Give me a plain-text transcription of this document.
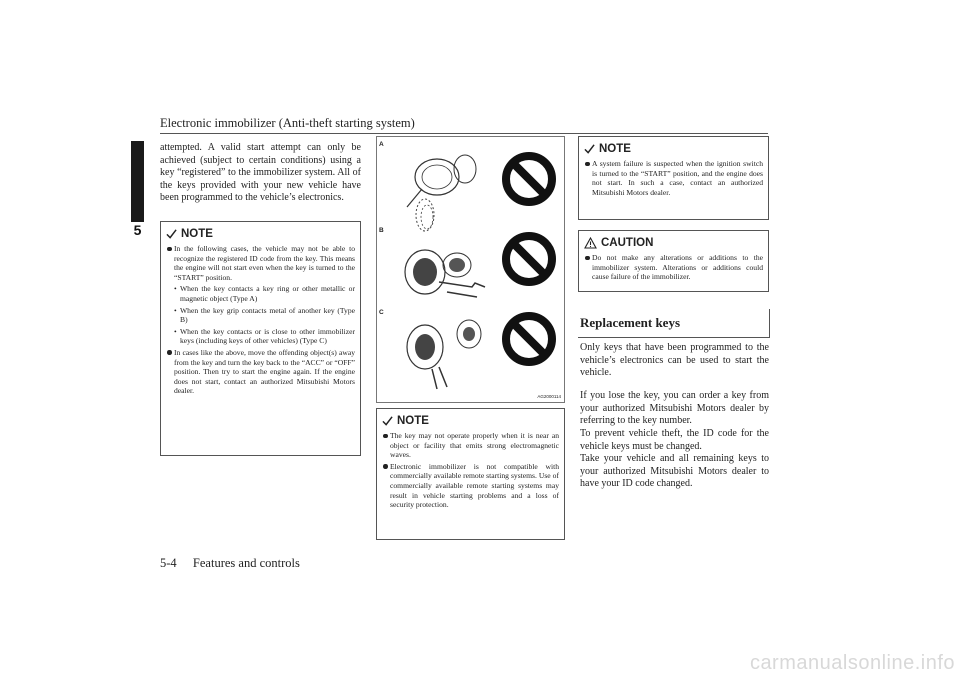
Electronic immobilizer (Anti-theft starting system)
5

attempted. A valid start attempt can only be achieved (subject to certain conditions) using a key “registered” to the immobilizer system. All of the keys provided with your new vehicle have been programmed to the vehicle’s electronics.

NOTE

In the following cases, the vehicle may not be able to recognize the registered ID code from the key. This means the engine will not start even when the key is turned to the “START” position.

• When the key contacts a key ring or other metallic or magnetic object (Type A)

• When the key grip contacts metal of another key (Type B)

• When the key contacts or is close to other immobilizer keys (including keys of other vehicles) (Type C)

In cases like the above, move the offending object(s) away from the key and turn the key back to the “ACC” or “OFF” position. Then try to start the engine again. If the engine does not start, contact an authorized Mitsubishi Motors dealer.

A
B
C
AG2000114
NOTE

The key may not operate properly when it is near an object or facility that emits strong electromagnetic waves.

Electronic immobilizer is not compatible with commercially available remote starting systems. Use of commercially available remote starting systems may result in vehicle starting problems and a loss of security protection.

NOTE

A system failure is suspected when the ignition switch is turned to the “START” position, and the engine does not start. In such a case, contact an authorized Mitsubishi Motors dealer.

CAUTION

Do not make any alterations or additions to the immobilizer system. Alterations or additions could cause failure of the immobilizer.

Replacement keys

Only keys that have been programmed to the vehicle’s electronics can be used to start the vehicle.

If you lose the key, you can order a key from your authorized Mitsubishi Motors dealer by referring to the key number.

To prevent vehicle theft, the ID code for the vehicle keys must be changed.

Take your vehicle and all remaining keys to your authorized Mitsubishi Motors dealer to have your ID code changed.

5-4 Features and controls
carmanualsonline.info
